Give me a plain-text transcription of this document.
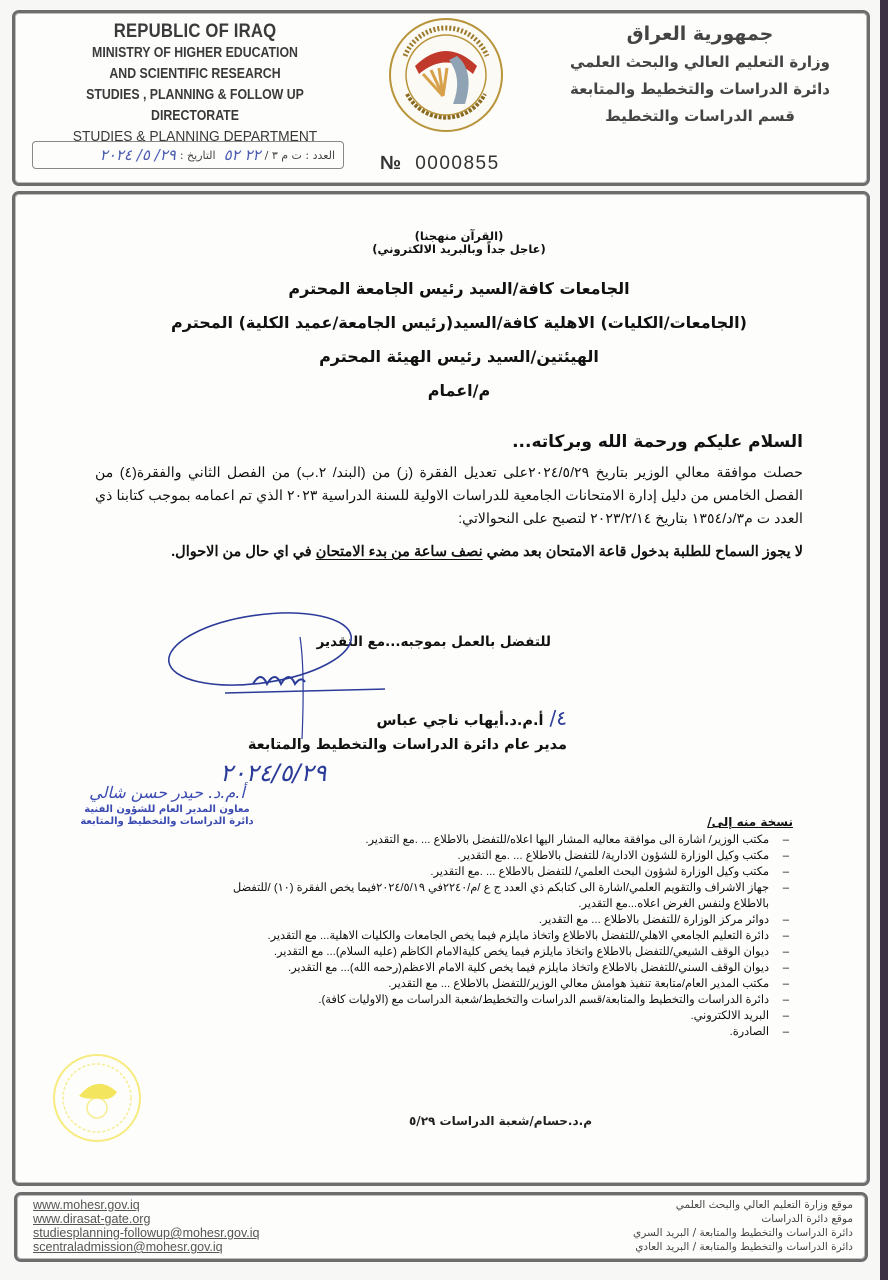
REPUBLIC OF IRAQ
MINISTRY OF HIGHER EDUCATION
AND SCIENTIFIC RESEARCH
STUDIES , PLANNING & FOLLOW UP DIRECTORATE
STUDIES & PLANNING DEPARTMENT
العدد : ت م ٣ /
٢٢ ٥٢
التاريخ :
٢٩/ ٥/ ٢٠٢٤	№ 0000855
جمهورية العراق
وزارة التعليم العالي والبحث العلمي
دائرة الدراسات والتخطيط والمتابعة
قسم الدراسات والتخطيط
(القرآن منهجنا)
(عاجل جداً وبالبريد الالكتروني)
الجامعات كافة/السيد رئيس الجامعة المحترم
(الجامعات/الكليات) الاهلية كافة/السيد(رئيس الجامعة/عميد الكلية) المحترم
الهيئتين/السيد رئيس الهيئة المحترم
م/اعمام
السلام عليكم ورحمة الله وبركاته...
حصلت موافقة معالي الوزير بتاريخ ٢٠٢٤/٥/٢٩على تعديل الفقرة (ز) من (البند/ ٢.ب) من الفصل الثاني والفقرة(٤) من الفصل الخامس من دليل إدارة الامتحانات الجامعية للدراسات الاولية للسنة الدراسية ٢٠٢٣ الذي تم اعمامه بموجب كتابنا ذي العدد ت م٣/د/١٣٥٤ بتاريخ ٢٠٢٣/٢/١٤ لتصبح على النحوالاتي:
لا يجوز السماح للطلبة بدخول قاعة الامتحان بعد مضي نصف ساعة من بدء الامتحان في اي حال من الاحوال.
للتفضل بالعمل بموجبه...مع التقدير
٤/أ.م.د.أيهاب ناجي عباس
مدير عام دائرة الدراسات والتخطيط والمتابعة
٢٠٢٤/٥/٢٩
أ.م.د. حيدر حسن شالي
معاون المدير العام للشؤون الفنية
دائرة الدراسات والتخطيط والمتابعة	نسخة منه إلى/
– مكتب الوزير/ اشارة الى موافقة معاليه المشار اليها اعلاه/للتفضل بالاطلاع ... .مع التقدير.
– مكتب وكيل الوزارة للشؤون الادارية/ للتفضل بالاطلاع ... .مع التقدير.
– مكتب وكيل الوزارة لشؤون البحث العلمي/ للتفضل بالاطلاع ... .مع التقدير.
– جهاز الاشراف والتقويم العلمي/اشارة الى كتابكم ذي العدد ج ع /م/٢٢٤٠في ٢٠٢٤/٥/١٩فيما يخص الفقرة (١٠) /للتفضل
بالاطلاع ولنفس الغرض اعلاه...مع التقدير.
– دوائر مركز الوزارة /للتفضل بالاطلاع ... مع التقدير.
– دائرة التعليم الجامعي الاهلي/للتفضل بالاطلاع واتخاذ مايلزم فيما يخص الجامعات والكليات الاهلية... مع التقدير.
– ديوان الوقف الشيعي/للتفضل بالاطلاع واتخاذ مايلزم فيما يخص كليةالامام الكاظم (عليه السلام)... مع التقدير.
– ديوان الوقف السني/للتفضل بالاطلاع واتخاذ مايلزم فيما يخص كلية الامام الاعظم(رحمه الله)... مع التقدير.
– مكتب المدير العام/متابعة تنفيذ هوامش معالي الوزير/للتفضل بالاطلاع ... مع التقدير.
– دائرة الدراسات والتخطيط والمتابعة/قسم الدراسات والتخطيط/شعبة الدراسات مع (الاوليات كافة).
– البريد الالكتروني.
– الصادرة.
م.د.حسام/شعبة الدراسات ٥/٢٩
www.mohesr.gov.iq
www.dirasat-gate.org
studiesplanning-followup@mohesr.gov.iq
scentraladmission@mohesr.gov.iq
موقع وزارة التعليم العالي والبحث العلمي
موقع دائرة الدراسات
دائرة الدراسات والتخطيط والمتابعة / البريد السري
دائرة الدراسات والتخطيط والمتابعة / البريد العادي
